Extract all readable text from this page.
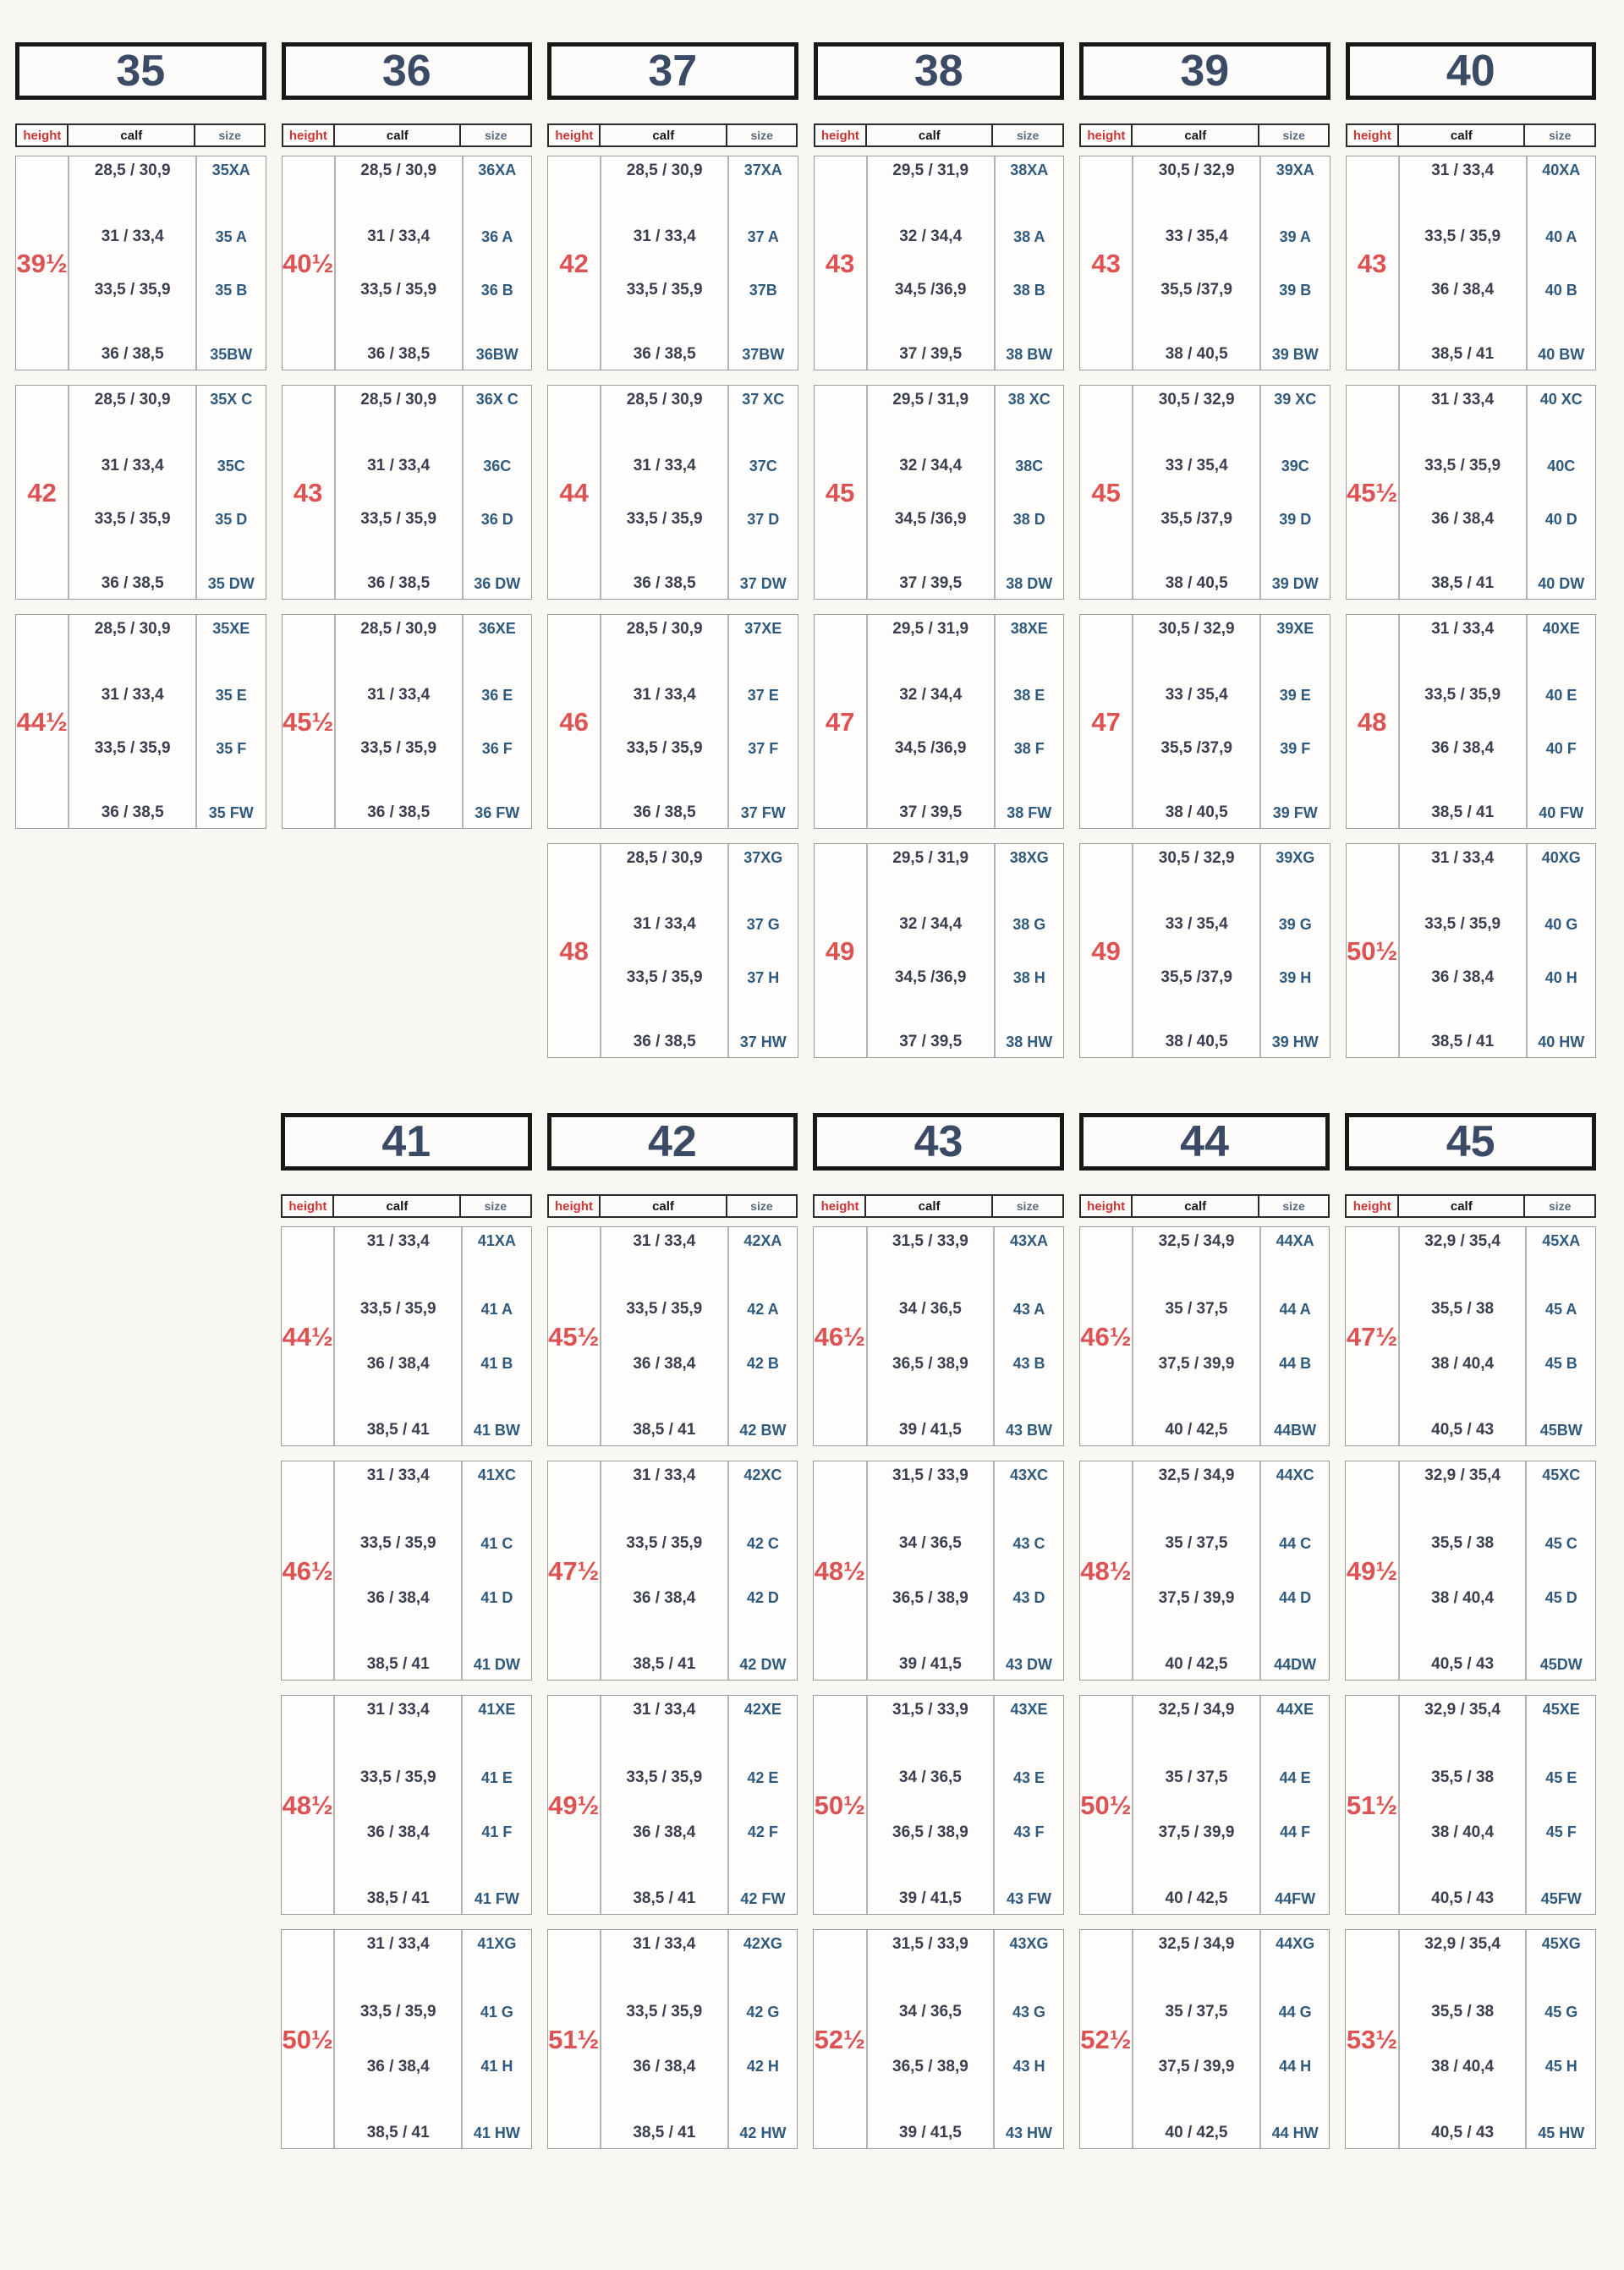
35
height	calf	size
39½
28,5 / 30,9	35XA
31 / 33,4	35 A
33,5 / 35,9	35 B
36 / 38,5	35BW
42
28,5 / 30,9	35X C
31 / 33,4	35C
33,5 / 35,9	35 D
36 / 38,5	35 DW
44½
28,5 / 30,9	35XE
31 / 33,4	35 E
33,5 / 35,9	35 F
36 / 38,5	35 FW
36
height	calf	size
40½
28,5 / 30,9	36XA
31 / 33,4	36 A
33,5 / 35,9	36 B
36 / 38,5	36BW
43
28,5 / 30,9	36X C
31 / 33,4	36C
33,5 / 35,9	36 D
36 / 38,5	36 DW
45½
28,5 / 30,9	36XE
31 / 33,4	36 E
33,5 / 35,9	36 F
36 / 38,5	36 FW
37
height	calf	size
42
28,5 / 30,9	37XA
31 / 33,4	37 A
33,5 / 35,9	37B
36 / 38,5	37BW
44
28,5 / 30,9	37 XC
31 / 33,4	37C
33,5 / 35,9	37 D
36 / 38,5	37 DW
46
28,5 / 30,9	37XE
31 / 33,4	37 E
33,5 / 35,9	37 F
36 / 38,5	37 FW
48
28,5 / 30,9	37XG
31 / 33,4	37 G
33,5 / 35,9	37 H
36 / 38,5	37 HW
38
height	calf	size
43
29,5 / 31,9	38XA
32 / 34,4	38 A
34,5 /36,9	38 B
37 / 39,5	38 BW
45
29,5 / 31,9	38 XC
32 / 34,4	38C
34,5 /36,9	38 D
37 / 39,5	38 DW
47
29,5 / 31,9	38XE
32 / 34,4	38 E
34,5 /36,9	38 F
37 / 39,5	38 FW
49
29,5 / 31,9	38XG
32 / 34,4	38 G
34,5 /36,9	38 H
37 / 39,5	38 HW
39
height	calf	size
43
30,5 / 32,9	39XA
33 / 35,4	39 A
35,5 /37,9	39 B
38 / 40,5	39 BW
45
30,5 / 32,9	39 XC
33 / 35,4	39C
35,5 /37,9	39 D
38 / 40,5	39 DW
47
30,5 / 32,9	39XE
33 / 35,4	39 E
35,5 /37,9	39 F
38 / 40,5	39 FW
49
30,5 / 32,9	39XG
33 / 35,4	39 G
35,5 /37,9	39 H
38 / 40,5	39 HW
40
height	calf	size
43
31 / 33,4	40XA
33,5 / 35,9	40 A
36 / 38,4	40 B
38,5 / 41	40 BW
45½
31 / 33,4	40 XC
33,5 / 35,9	40C
36 / 38,4	40 D
38,5 / 41	40 DW
48
31 / 33,4	40XE
33,5 / 35,9	40 E
36 / 38,4	40 F
38,5 / 41	40 FW
50½
31 / 33,4	40XG
33,5 / 35,9	40 G
36 / 38,4	40 H
38,5 / 41	40 HW
41
height	calf	size
44½
31 / 33,4	41XA
33,5 / 35,9	41 A
36 / 38,4	41 B
38,5 / 41	41 BW
46½
31 / 33,4	41XC
33,5 / 35,9	41 C
36 / 38,4	41 D
38,5 / 41	41 DW
48½
31 / 33,4	41XE
33,5 / 35,9	41 E
36 / 38,4	41 F
38,5 / 41	41 FW
50½
31 / 33,4	41XG
33,5 / 35,9	41 G
36 / 38,4	41 H
38,5 / 41	41 HW
42
height	calf	size
45½
31 / 33,4	42XA
33,5 / 35,9	42 A
36 / 38,4	42 B
38,5 / 41	42 BW
47½
31 / 33,4	42XC
33,5 / 35,9	42 C
36 / 38,4	42 D
38,5 / 41	42 DW
49½
31 / 33,4	42XE
33,5 / 35,9	42 E
36 / 38,4	42 F
38,5 / 41	42 FW
51½
31 / 33,4	42XG
33,5 / 35,9	42 G
36 / 38,4	42 H
38,5 / 41	42 HW
43
height	calf	size
46½
31,5 / 33,9	43XA
34 / 36,5	43 A
36,5 / 38,9	43 B
39 / 41,5	43 BW
48½
31,5 / 33,9	43XC
34 / 36,5	43 C
36,5 / 38,9	43 D
39 / 41,5	43 DW
50½
31,5 / 33,9	43XE
34 / 36,5	43 E
36,5 / 38,9	43 F
39 / 41,5	43 FW
52½
31,5 / 33,9	43XG
34 / 36,5	43 G
36,5 / 38,9	43 H
39 / 41,5	43 HW
44
height	calf	size
46½
32,5 / 34,9	44XA
35 / 37,5	44 A
37,5 / 39,9	44 B
40 / 42,5	44BW
48½
32,5 / 34,9	44XC
35 / 37,5	44 C
37,5 / 39,9	44 D
40 / 42,5	44DW
50½
32,5 / 34,9	44XE
35 / 37,5	44 E
37,5 / 39,9	44 F
40 / 42,5	44FW
52½
32,5 / 34,9	44XG
35 / 37,5	44 G
37,5 / 39,9	44 H
40 / 42,5	44 HW
45
height	calf	size
47½
32,9 / 35,4	45XA
35,5 / 38	45 A
38 / 40,4	45 B
40,5 / 43	45BW
49½
32,9 / 35,4	45XC
35,5 / 38	45 C
38 / 40,4	45 D
40,5 / 43	45DW
51½
32,9 / 35,4	45XE
35,5 / 38	45 E
38 / 40,4	45 F
40,5 / 43	45FW
53½
32,9 / 35,4	45XG
35,5 / 38	45 G
38 / 40,4	45 H
40,5 / 43	45 HW
